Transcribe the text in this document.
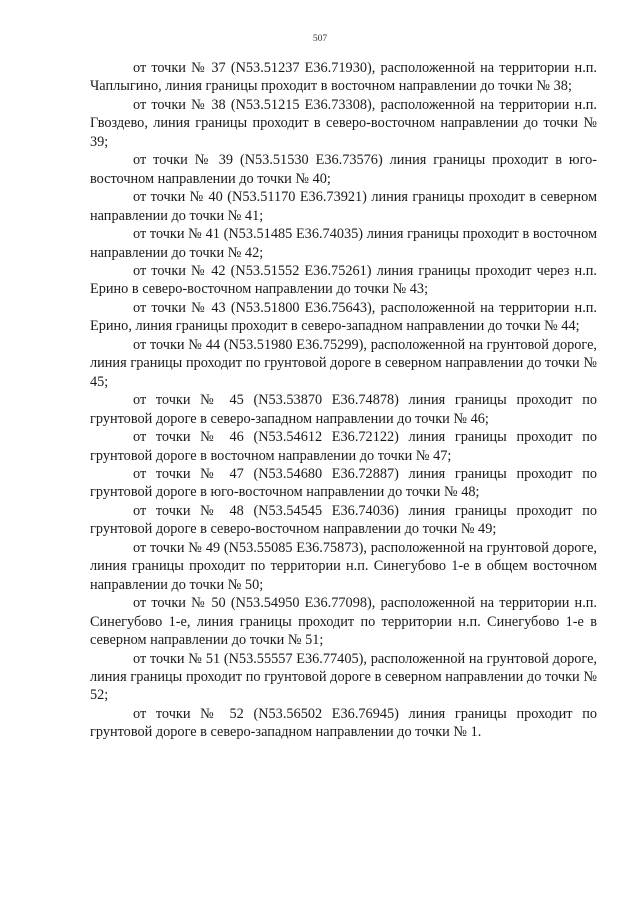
507

от точки № 37 (N53.51237 E36.71930), расположенной на территории н.п. Чаплыгино, линия границы проходит в восточном направлении до точки № 38;

от точки № 38 (N53.51215 E36.73308), расположенной на территории н.п. Гвоздево, линия границы проходит в северо-восточном направлении до точки № 39;

от точки № 39 (N53.51530 E36.73576) линия границы проходит в юго-восточном направлении до точки № 40;

от точки № 40 (N53.51170 E36.73921) линия границы проходит в северном направлении до точки № 41;

от точки № 41 (N53.51485 E36.74035) линия границы проходит в восточном направлении до точки № 42;

от точки № 42 (N53.51552 E36.75261) линия границы проходит через н.п. Ерино в северо-восточном направлении до точки № 43;

от точки № 43 (N53.51800 E36.75643), расположенной на территории н.п. Ерино, линия границы проходит в северо-западном направлении до точки № 44;

от точки № 44 (N53.51980 E36.75299), расположенной на грунтовой дороге, линия границы проходит по грунтовой дороге в северном направлении до точки № 45;

от точки № 45 (N53.53870 E36.74878) линия границы проходит по грунтовой дороге в северо-западном направлении до точки № 46;

от точки № 46 (N53.54612 E36.72122) линия границы проходит по грунтовой дороге в восточном направлении до точки № 47;

от точки № 47 (N53.54680 E36.72887) линия границы проходит по грунтовой дороге в юго-восточном направлении до точки № 48;

от точки № 48 (N53.54545 E36.74036) линия границы проходит по грунтовой дороге в северо-восточном направлении до точки № 49;

от точки № 49 (N53.55085 E36.75873), расположенной на грунтовой дороге, линия границы проходит по территории н.п. Синегубово 1-е в общем восточном направлении до точки № 50;

от точки № 50 (N53.54950 E36.77098), расположенной на территории н.п. Синегубово 1-е, линия границы проходит по территории н.п. Синегубово 1-е в северном направлении до точки № 51;

от точки № 51 (N53.55557 E36.77405), расположенной на грунтовой дороге, линия границы проходит по грунтовой дороге в северном направлении до точки № 52;

от точки № 52 (N53.56502 E36.76945) линия границы проходит по грунтовой дороге в северо-западном направлении до точки № 1.
